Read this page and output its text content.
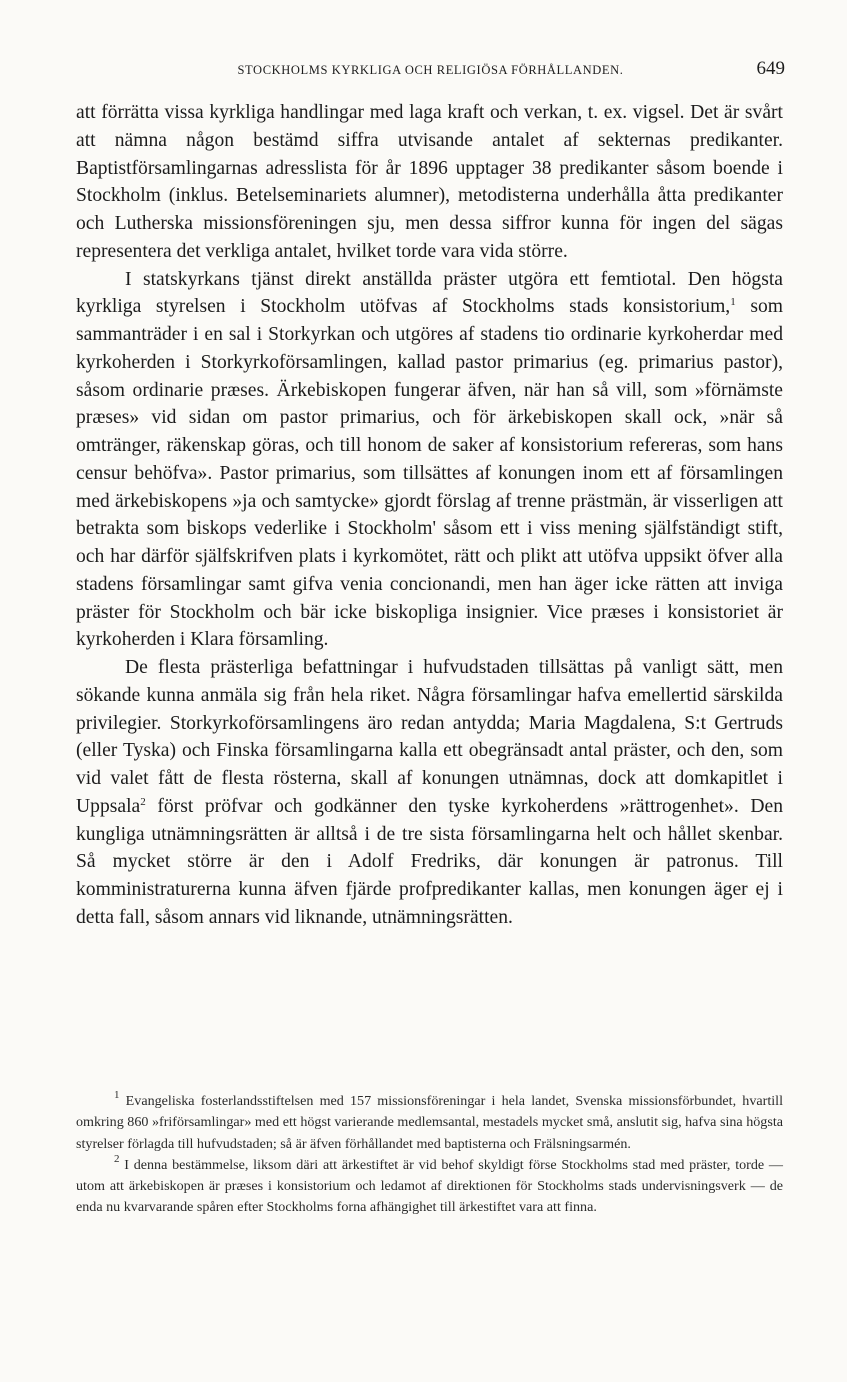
STOCKHOLMS KYRKLIGA OCH RELIGIÖSA FÖRHÅLLANDEN.	649

att förrätta vissa kyrkliga handlingar med laga kraft och verkan, t. ex. vigsel. Det är svårt att nämna någon bestämd siffra utvisande antalet af sekternas predikanter. Baptistförsamlingarnas adresslista för år 1896 upptager 38 predikanter såsom boende i Stockholm (inklus. Betelseminariets alumner), metodisterna underhålla åtta predikanter och Lutherska missionsföreningen sju, men dessa siffror kunna för ingen del sägas representera det verkliga antalet, hvilket torde vara vida större.

I statskyrkans tjänst direkt anställda präster utgöra ett femtiotal. Den högsta kyrkliga styrelsen i Stockholm utöfvas af Stockholms stads konsistorium,$^1$ som sammanträder i en sal i Storkyrkan och utgöres af stadens tio ordinarie kyrkoherdar med kyrkoherden i Storkyrkoförsamlingen, kallad pastor primarius (eg. primarius pastor), såsom ordinarie præses. Ärkebiskopen fungerar äfven, när han så vill, som »förnämste præses» vid sidan om pastor primarius, och för ärkebiskopen skall ock, »när så omtränger, räkenskap göras, och till honom de saker af konsistorium refereras, som hans censur behöfva». Pastor primarius, som tillsättes af konungen inom ett af församlingen med ärkebiskopens »ja och samtycke» gjordt förslag af trenne prästmän, är visserligen att betrakta som biskops vederlike i Stockholm' såsom ett i viss mening själfständigt stift, och har därför själfskrifven plats i kyrkomötet, rätt och plikt att utöfva uppsikt öfver alla stadens församlingar samt gifva venia concionandi, men han äger icke rätten att inviga präster för Stockholm och bär icke biskopliga insignier. Vice præses i konsistoriet är kyrkoherden i Klara församling.

De flesta prästerliga befattningar i hufvudstaden tillsättas på vanligt sätt, men sökande kunna anmäla sig från hela riket. Några församlingar hafva emellertid särskilda privilegier. Storkyrkoförsamlingens äro redan antydda; Maria Magdalena, S:t Gertruds (eller Tyska) och Finska församlingarna kalla ett obegränsadt antal präster, och den, som vid valet fått de flesta rösterna, skall af konungen utnämnas, dock att domkapitlet i Uppsala$^2$ först pröfvar och godkänner den tyske kyrkoherdens »rättrogenhet». Den kungliga utnämningsrätten är alltså i de tre sista församlingarna helt och hållet skenbar. Så mycket större är den i Adolf Fredriks, där konungen är patronus. Till komministraturerna kunna äfven fjärde profpredikanter kallas, men konungen äger ej i detta fall, såsom annars vid liknande, utnämningsrätten.

$^1$ Evangeliska fosterlandsstiftelsen med 157 missionsföreningar i hela landet, Svenska missionsförbundet, hvartill omkring 860 »friförsamlingar» med ett högst varierande medlemsantal, mestadels mycket små, anslutit sig, hafva sina högsta styrelser förlagda till hufvudstaden; så är äfven förhållandet med baptisterna och Frälsningsarmén.

$^2$ I denna bestämmelse, liksom däri att ärkestiftet är vid behof skyldigt förse Stockholms stad med präster, torde — utom att ärkebiskopen är præses i konsistorium och ledamot af direktionen för Stockholms stads undervisningsverk — de enda nu kvarvarande spåren efter Stockholms forna afhängighet till ärkestiftet vara att finna.
